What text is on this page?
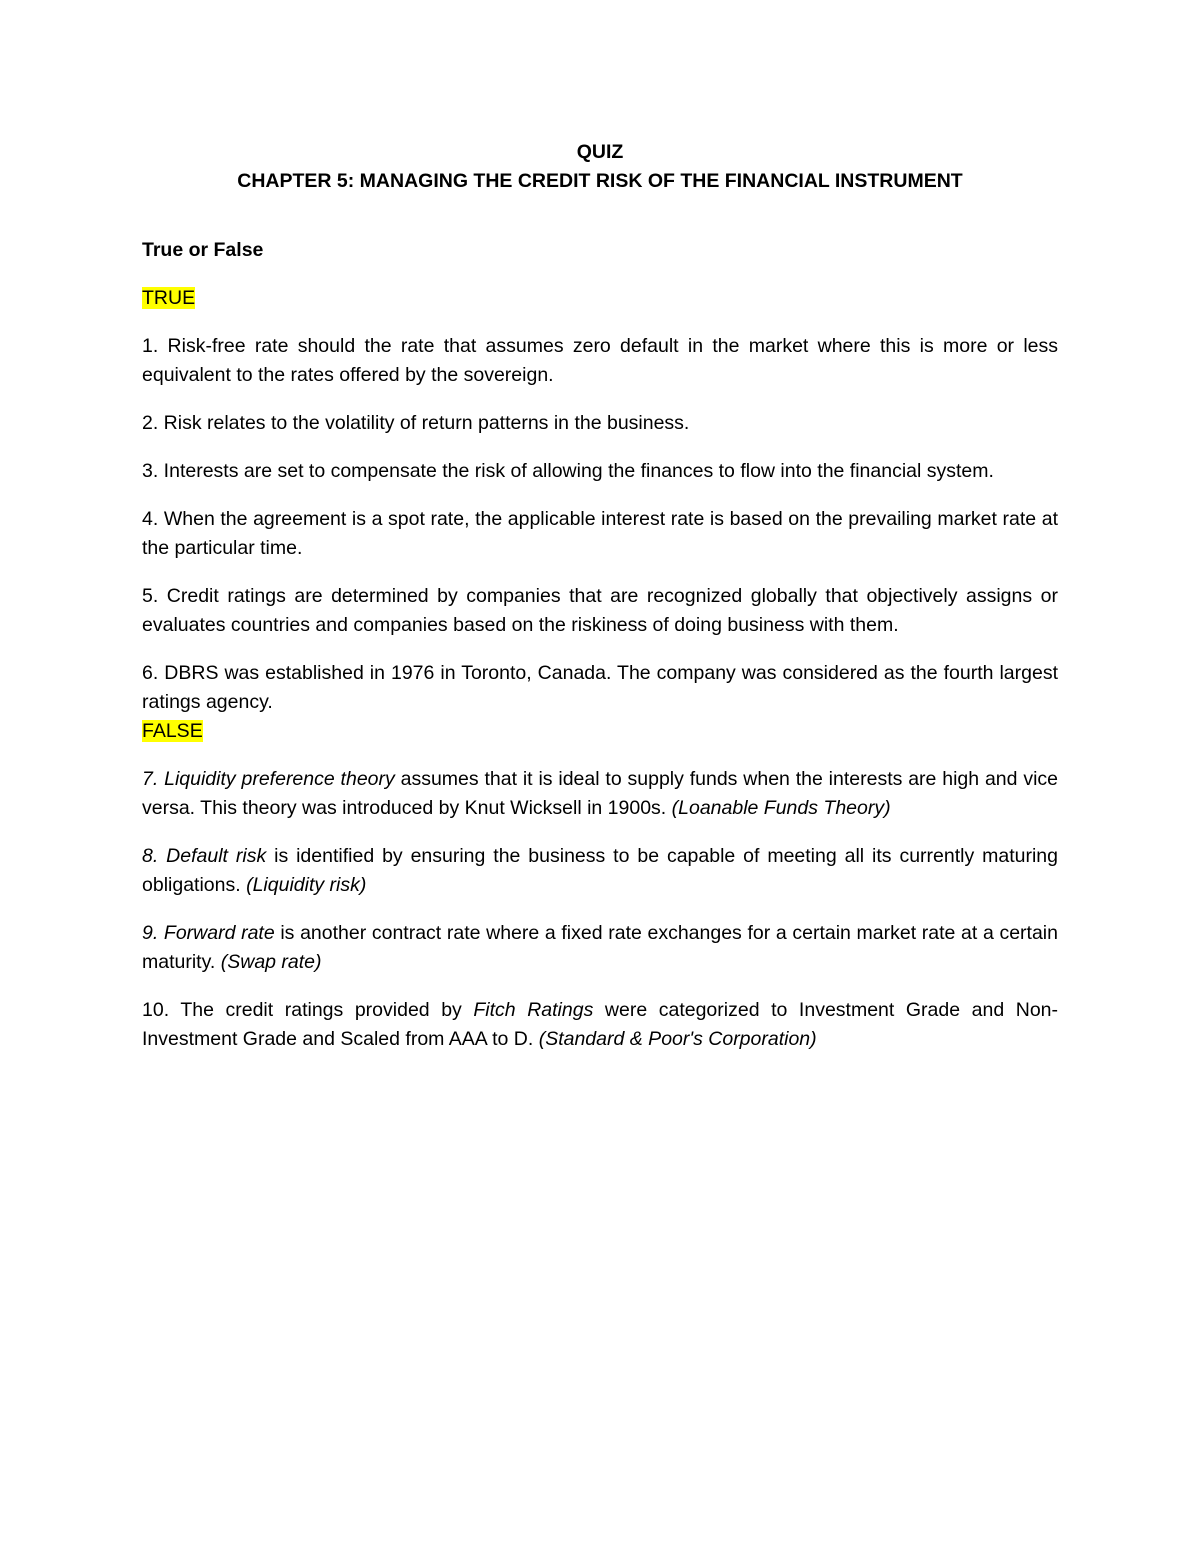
QUIZ

CHAPTER 5: MANAGING THE CREDIT RISK OF THE FINANCIAL INSTRUMENT

True or False

TRUE

1. Risk-free rate should the rate that assumes zero default in the market where this is more or less equivalent to the rates offered by the sovereign.

2. Risk relates to the volatility of return patterns in the business.

3. Interests are set to compensate the risk of allowing the finances to flow into the financial system.

4. When the agreement is a spot rate, the applicable interest rate is based on the prevailing market rate at the particular time.

5. Credit ratings are determined by companies that are recognized globally that objectively assigns or evaluates countries and companies based on the riskiness of doing business with them.

6. DBRS was established in 1976 in Toronto, Canada. The company was considered as the fourth largest ratings agency.

FALSE

7. Liquidity preference theory assumes that it is ideal to supply funds when the interests are high and vice versa. This theory was introduced by Knut Wicksell in 1900s. (Loanable Funds Theory)

8. Default risk is identified by ensuring the business to be capable of meeting all its currently maturing obligations. (Liquidity risk)

9. Forward rate is another contract rate where a fixed rate exchanges for a certain market rate at a certain maturity. (Swap rate)

10. The credit ratings provided by Fitch Ratings were categorized to Investment Grade and Non- Investment Grade and Scaled from AAA to D. (Standard & Poor's Corporation)
